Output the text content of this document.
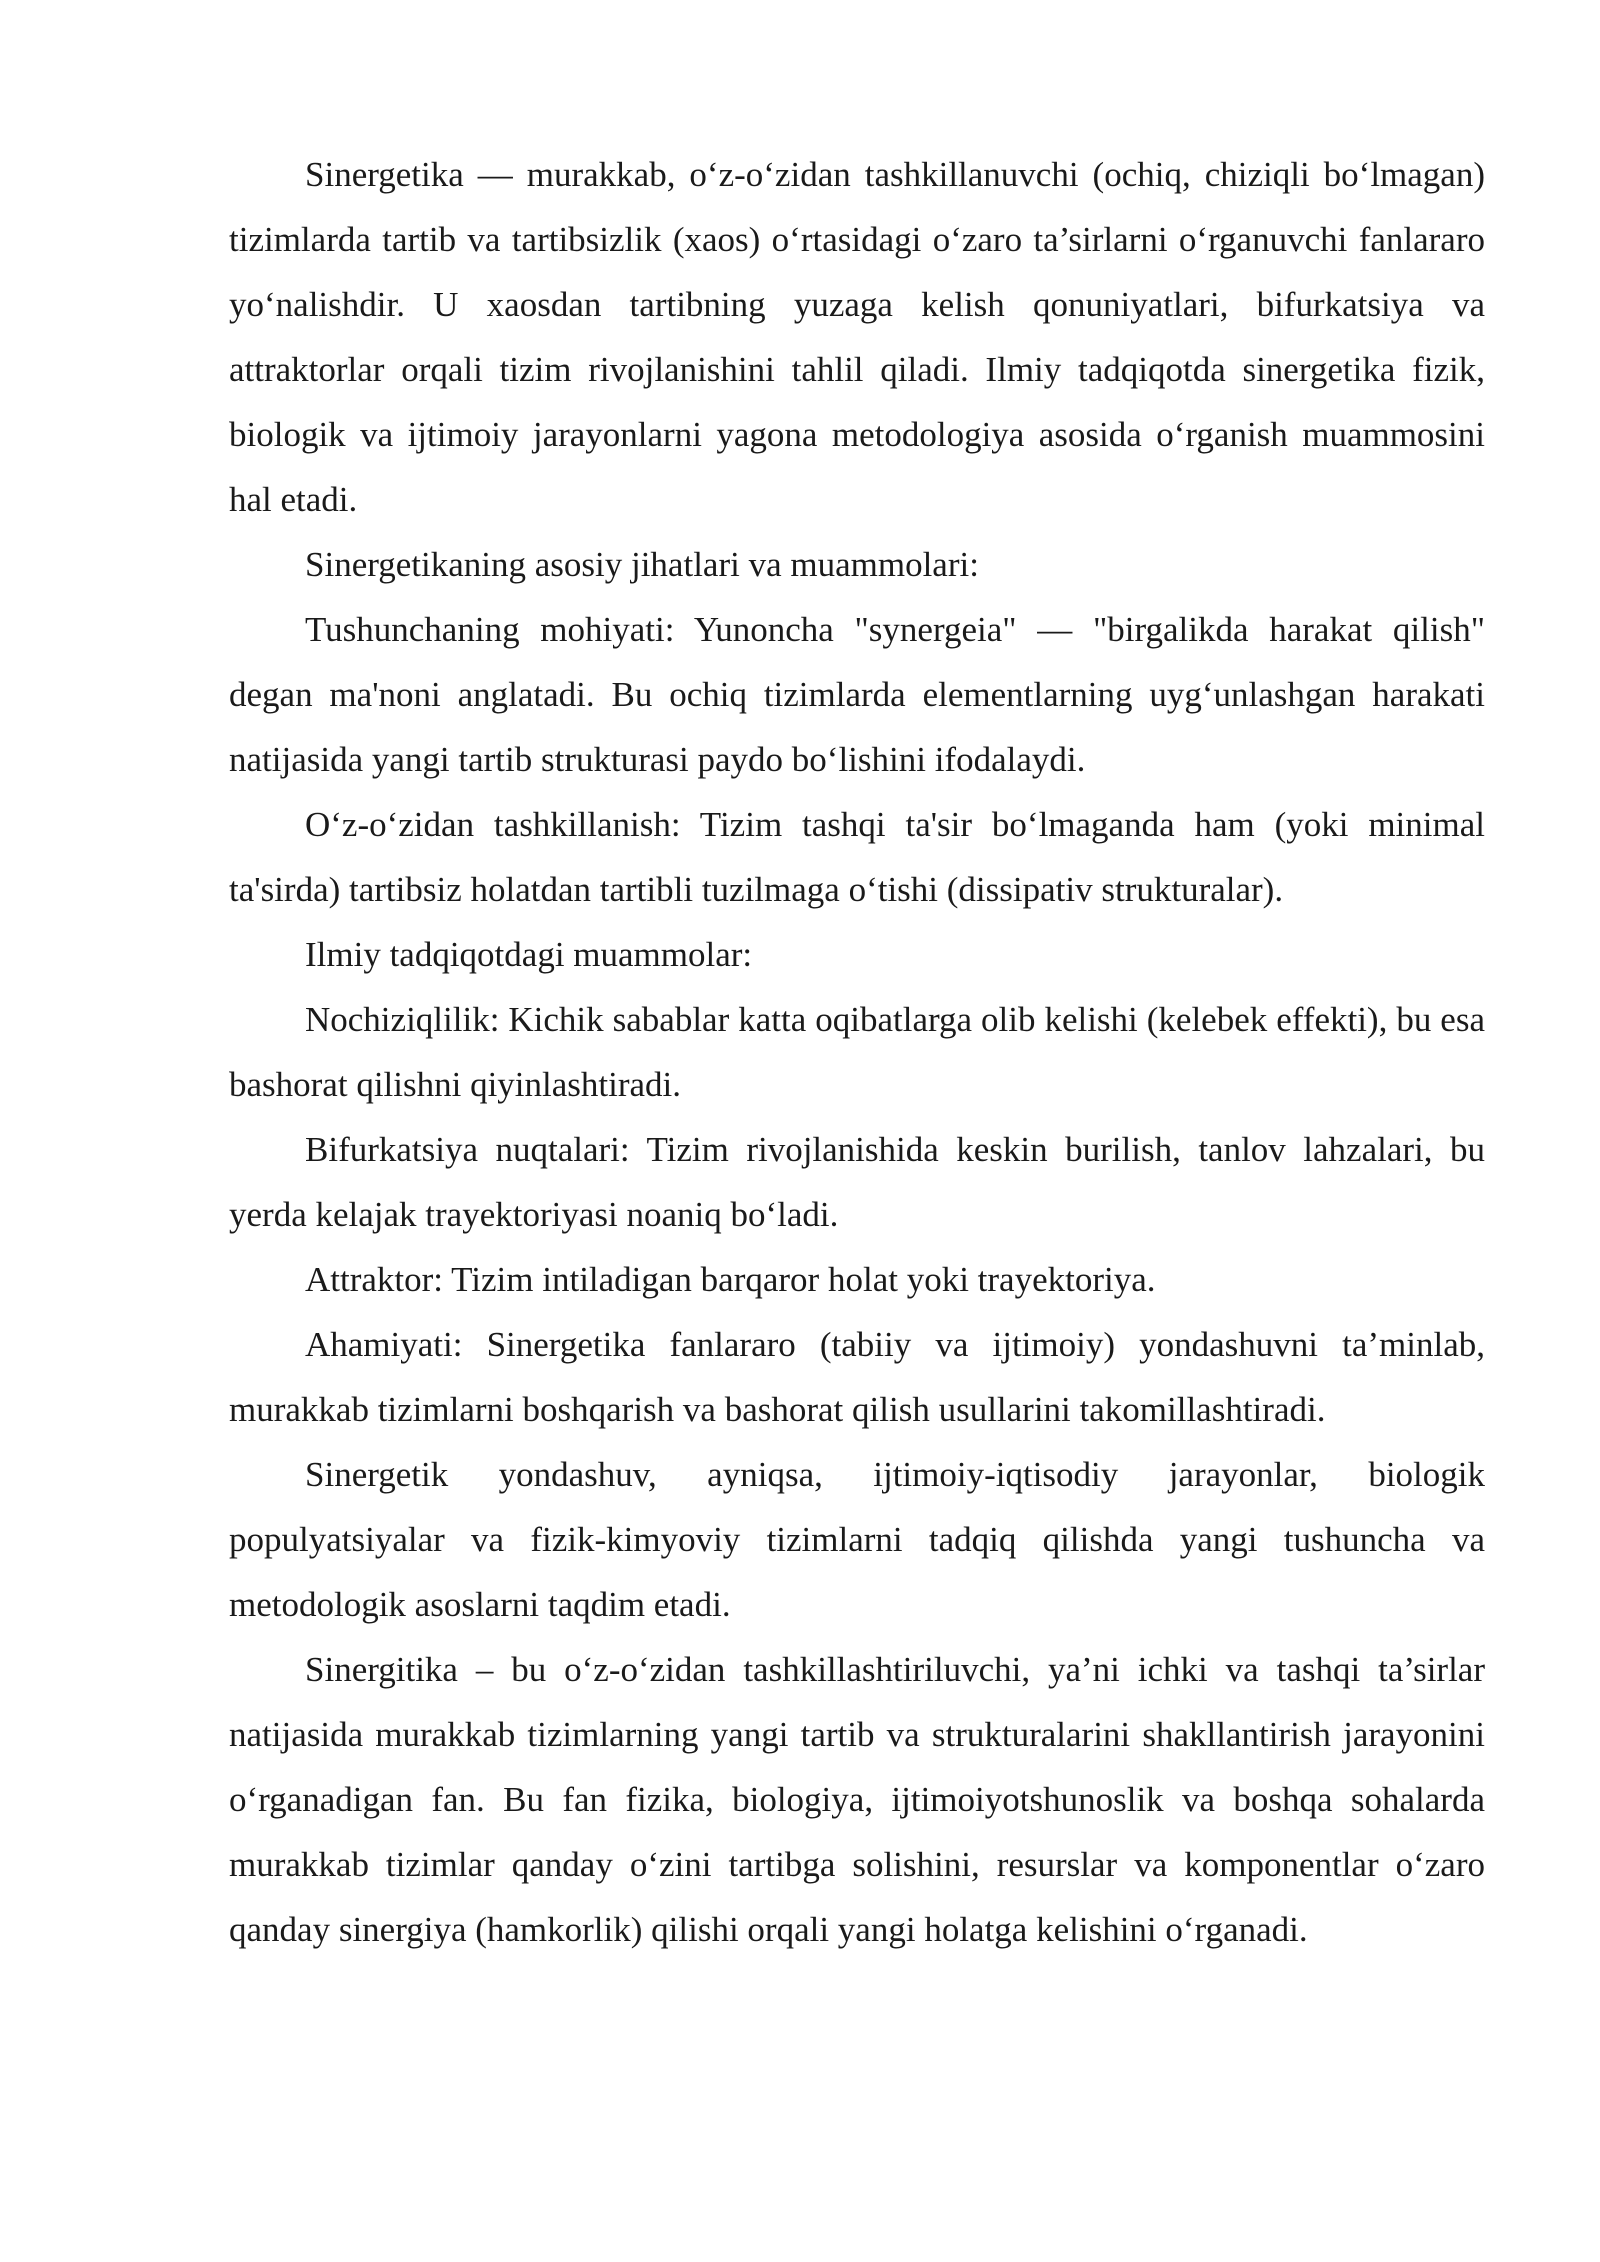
Sinergetika — murakkab, o‘z-o‘zidan tashkillanuvchi (ochiq, chiziqli bo‘lmagan) tizimlarda tartib va tartibsizlik (xaos) o‘rtasidagi o‘zaro ta’sirlarni o‘rganuvchi fanlararo yo‘nalishdir. U xaosdan tartibning yuzaga kelish qonuniyatlari, bifurkatsiya va attraktorlar orqali tizim rivojlanishini tahlil qiladi. Ilmiy tadqiqotda sinergetika fizik, biologik va ijtimoiy jarayonlarni yagona metodologiya asosida o‘rganish muammosini hal etadi.

Sinergetikaning asosiy jihatlari va muammolari:

Tushunchaning mohiyati: Yunoncha "synergeia" — "birgalikda harakat qilish" degan ma'noni anglatadi. Bu ochiq tizimlarda elementlarning uyg‘unlashgan harakati natijasida yangi tartib strukturasi paydo bo‘lishini ifodalaydi.

O‘z-o‘zidan tashkillanish: Tizim tashqi ta'sir bo‘lmaganda ham (yoki minimal ta'sirda) tartibsiz holatdan tartibli tuzilmaga o‘tishi (dissipativ strukturalar).

Ilmiy tadqiqotdagi muammolar:

Nochiziqlilik: Kichik sabablar katta oqibatlarga olib kelishi (kelebek effekti), bu esa bashorat qilishni qiyinlashtiradi.

Bifurkatsiya nuqtalari: Tizim rivojlanishida keskin burilish, tanlov lahzalari, bu yerda kelajak trayektoriyasi noaniq bo‘ladi.

Attraktor: Tizim intiladigan barqaror holat yoki trayektoriya.

Ahamiyati: Sinergetika fanlararo (tabiiy va ijtimoiy) yondashuvni ta’minlab, murakkab tizimlarni boshqarish va bashorat qilish usullarini takomillashtiradi.

Sinergetik yondashuv, ayniqsa, ijtimoiy-iqtisodiy jarayonlar, biologik populyatsiyalar va fizik-kimyoviy tizimlarni tadqiq qilishda yangi tushuncha va metodologik asoslarni taqdim etadi.

Sinergitika – bu o‘z-o‘zidan tashkillashtiriluvchi, ya’ni ichki va tashqi ta’sirlar natijasida murakkab tizimlarning yangi tartib va strukturalarini shakllantirish jarayonini o‘rganadigan fan. Bu fan fizika, biologiya, ijtimoiyotshunoslik va boshqa sohalarda murakkab tizimlar qanday o‘zini tartibga solishini, resurslar va komponentlar o‘zaro qanday sinergiya (hamkorlik) qilishi orqali yangi holatga kelishini o‘rganadi.
